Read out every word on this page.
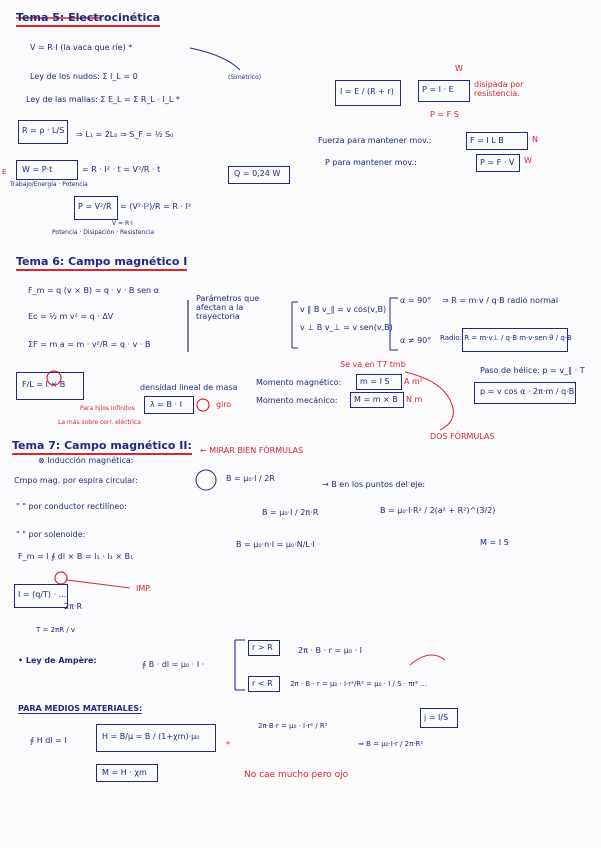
Tema 5: Electrocinética
V = R·I (la vaca que ríe) *
Ley de los nudos: Σ I_L = 0	(Simétrico)
Ley de las mallas: Σ E_L = Σ R_L · I_L *
R = ρ · L/S ⇒ L₁ = 2L₀ ⇒ S_F = ½ S₀
E W = P·t	= R · I² · t = V²/R · t
Trabajo/Energía · Potencia
Q = 0,24 W
P = V²/R = (V²·I²)/R = R · I²
V = R·I
Potencia · Disipación · Resistencia
I = E / (R + r)	P = I · E
W
disipada por resistencia.
P = F S
Fuerza para mantener mov.:	F = I L B	N
P para mantener mov.:	P = F · V W
Tema 6: Campo magnético I
F_m = q (v × B) = q · v · B sen α
Ec = ½ m v² = q · ΔV
ΣF = m a = m · v²/R = q · v · B
Parámetros que afectan a la trayectoria
v ∥ B v_∥ = v cos(v,B)
v ⊥ B v_⊥ = v sen(v,B)
α = 90° ⇒ R = m·v / q·B radio normal
α ≠ 90° Radio: R = m·v⊥ / q·B m·v·sen θ / q·B
Paso de hélice: p = v_∥ · T
p = v cos α · 2π·m / q·B
F/L = I × B
Para hilos infinitos
La más sobre corr. eléctrica
densidad lineal de masa
λ = B · I	giro
Se va en T7 tmb
Momento magnético: m = I S A m²
Momento mecánico: M = m × B N m
DOS FÓRMULAS
Tema 7: Campo magnético II: ← MIRAR BIEN FÓRMULAS
⊗ Inducción magnética:
Cmpo mag. por espira circular:	B = μ₀·I / 2R
→ B en los puntos del eje:
B = μ₀·I·R² / 2(a² + R²)^(3/2)
" " por conductor rectilíneo:
B = μ₀·I / 2π·R
" " por solenoide:
B = μ₀·n·I = μ₀·N/L·I	M = I S
F_m = I ∮ dl × B = I₁ · l₁ × B₁
I = (q/T) · ...
2π·R
IMP.
T = 2πR / v
• Ley de Ampère:	∮ B · dl = μ₀ · I ·
r > R	2π · B · r = μ₀ · I
r < R 2π · B · r = μ₀ · I·r²/R² = μ₀ · I / S · πr² ...
PARA MEDIOS MATERIALES:
∮ H dl = I	H = B/μ = B / (1+χm)·μ₀
M = H · χm
*
2π·B·r = μ₀ · I·r² / R²
⇒ B = μ₀·I·r / 2π·R²
j = I/S
No cae mucho pero ojo
